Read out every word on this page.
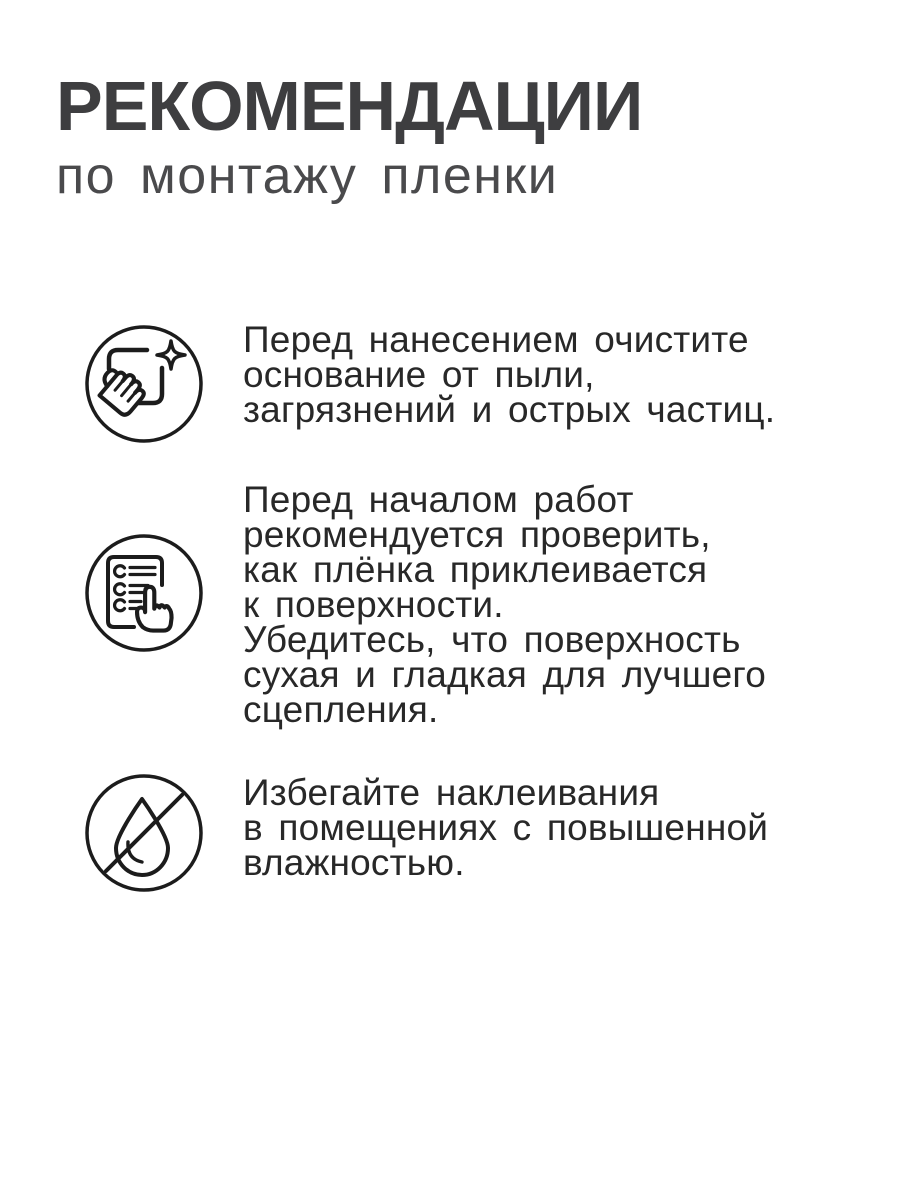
РЕКОМЕНДАЦИИ
по монтажу пленки
Перед нанесением очистите
основание от пыли,
загрязнений и острых частиц.
Перед началом работ
рекомендуется проверить,
как плёнка приклеивается
к поверхности.
Убедитесь, что поверхность
сухая и гладкая для лучшего
сцепления.
Избегайте наклеивания
в помещениях с повышенной
влажностью.
